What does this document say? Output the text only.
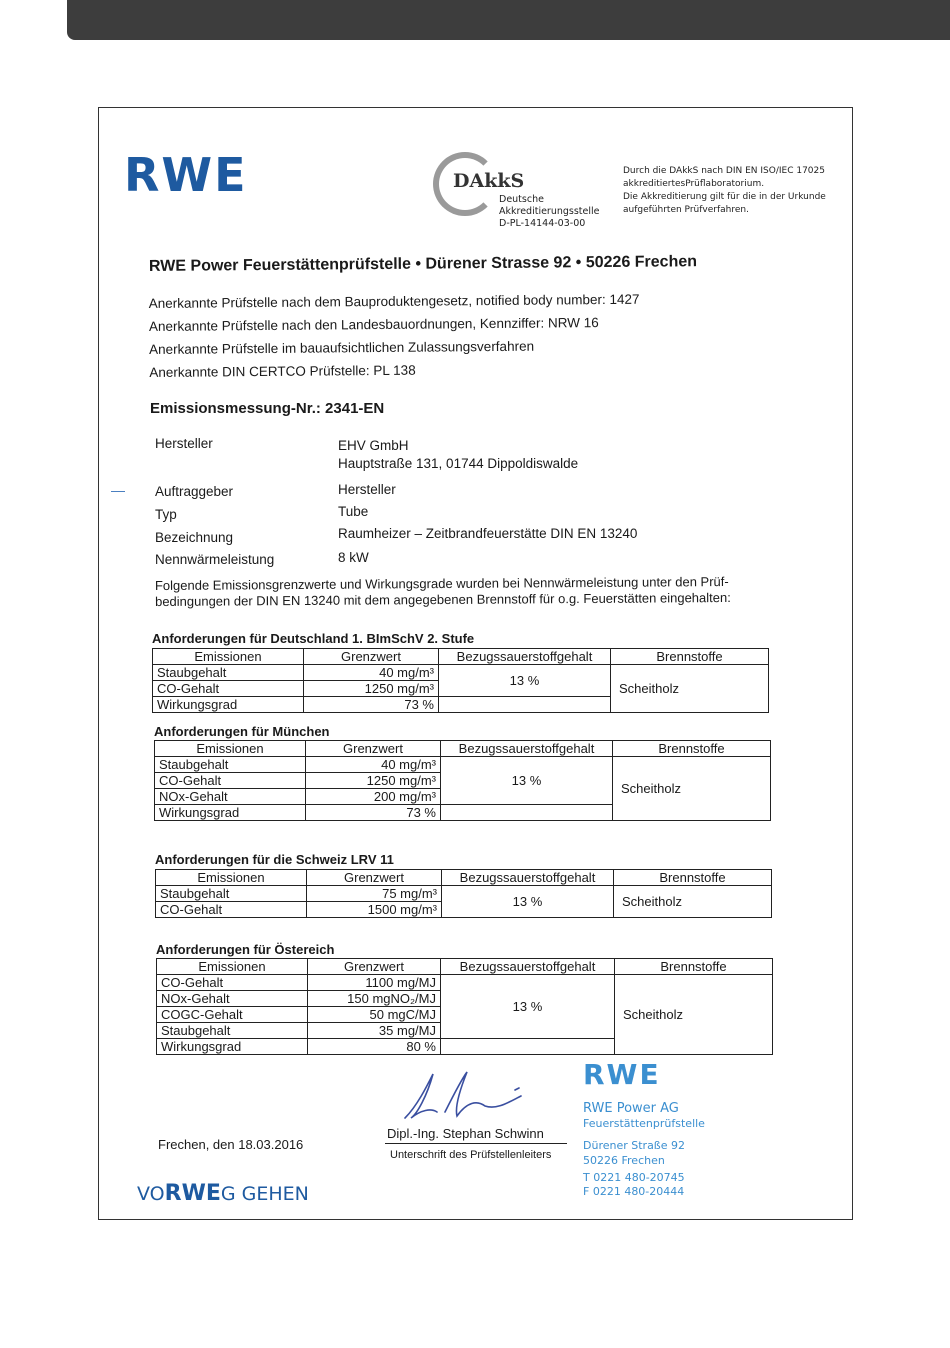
RWE	DAkkS
Deutsche
Akkreditierungsstelle
D-PL-14144-03-00
Durch die DAkkS nach DIN EN ISO/IEC 17025
akkreditiertesPrüflaboratorium.
Die Akkreditierung gilt für die in der Urkunde
aufgeführten Prüfverfahren.
RWE Power Feuerstättenprüfstelle • Dürener Strasse 92 • 50226 Frechen
Anerkannte Prüfstelle nach dem Bauproduktengesetz, notified body number: 1427
Anerkannte Prüfstelle nach den Landesbauordnungen, Kennziffer: NRW 16
Anerkannte Prüfstelle im bauaufsichtlichen Zulassungsverfahren
Anerkannte DIN CERTCO Prüfstelle: PL 138
Emissionsmessung-Nr.: 2341-EN
Hersteller	EHV GmbH
Hauptstraße 131, 01744 Dippoldiswalde
Auftraggeber	Hersteller
Typ	Tube
Bezeichnung	Raumheizer – Zeitbrandfeuerstätte DIN EN 13240
Nennwärmeleistung	8 kW
Folgende Emissionsgrenzwerte und Wirkungsgrade wurden bei Nennwärmeleistung unter den Prüf-
bedingungen der DIN EN 13240 mit dem angegebenen Brennstoff für o.g. Feuerstätten eingehalten:
Anforderungen für Deutschland 1. BImSchV 2. Stufe
Emissionen	Grenzwert	Bezugssauerstoffgehalt	Brennstoffe
Staubgehalt	40 mg/m³	13 %	Scheitholz
CO-Gehalt	1250 mg/m³		
Wirkungsgrad	73 %		
Anforderungen für München
Emissionen	Grenzwert	Bezugssauerstoffgehalt	Brennstoffe
Staubgehalt	40 mg/m³	13 %	Scheitholz
CO-Gehalt	1250 mg/m³		
NOx-Gehalt	200 mg/m³		
Wirkungsgrad	73 %		
Anforderungen für die Schweiz LRV 11
Emissionen	Grenzwert	Bezugssauerstoffgehalt	Brennstoffe
Staubgehalt	75 mg/m³	13 %	Scheitholz
CO-Gehalt	1500 mg/m³		
Anforderungen für Östereich
Emissionen	Grenzwert	Bezugssauerstoffgehalt	Brennstoffe
CO-Gehalt	1100 mg/MJ	13 %	Scheitholz
NOx-Gehalt	150 mgNO₂/MJ		
COGC-Gehalt	50 mgC/MJ		
Staubgehalt	35 mg/MJ		
Wirkungsgrad	80 %		
RWE
RWE Power AG
Feuerstättenprüfstelle
Dürener Straße 92
50226 Frechen
T 0221 480-20745
F 0221 480-20444
Dipl.-Ing. Stephan Schwinn
Unterschrift des Prüfstellenleiters
Frechen, den 18.03.2016
VORWEG GEHEN
